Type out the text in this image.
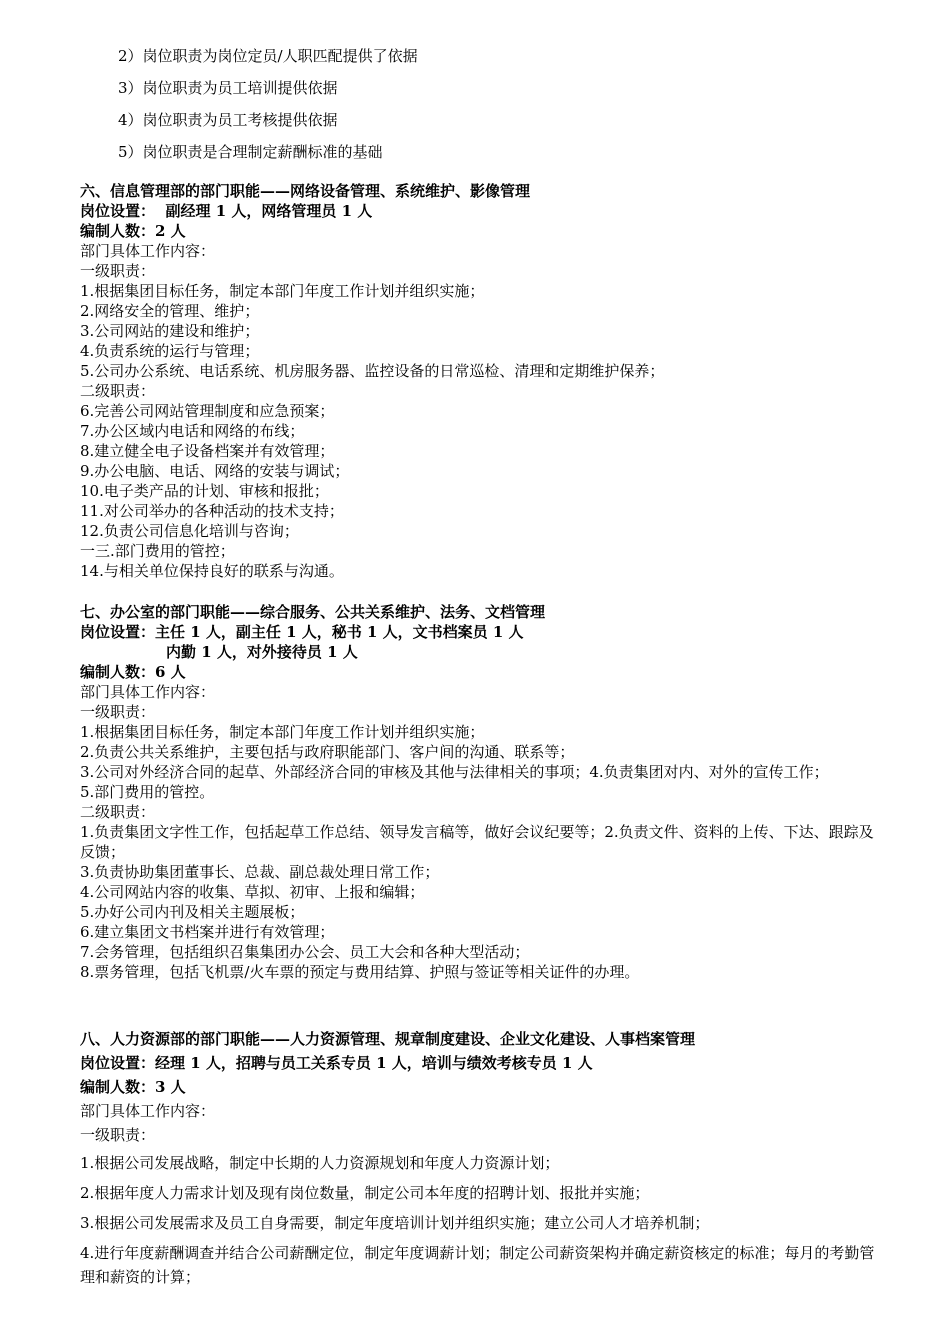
2）岗位职责为岗位定员/人职匹配提供了依据
3）岗位职责为员工培训提供依据
4）岗位职责为员工考核提供依据
5）岗位职责是合理制定薪酬标准的基础
六、信息管理部的部门职能——网络设备管理、系统维护、影像管理
岗位设置： 副经理 1 人，网络管理员 1 人
编制人数：2 人
部门具体工作内容：
一级职责：
1.根据集团目标任务，制定本部门年度工作计划并组织实施；
2.网络安全的管理、维护；
3.公司网站的建设和维护；
4.负责系统的运行与管理；
5.公司办公系统、电话系统、机房服务器、监控设备的日常巡检、清理和定期维护保养；
二级职责：
6.完善公司网站管理制度和应急预案；
7.办公区域内电话和网络的布线；
8.建立健全电子设备档案并有效管理；
9.办公电脑、电话、网络的安装与调试；
10.电子类产品的计划、审核和报批；
11.对公司举办的各种活动的技术支持；
12.负责公司信息化培训与咨询；
一三.部门费用的管控；
14.与相关单位保持良好的联系与沟通。
七、办公室的部门职能——综合服务、公共关系维护、法务、文档管理
岗位设置：主任 1 人，副主任 1 人，秘书 1 人，文书档案员 1 人
内勤 1 人，对外接待员 1 人
编制人数：6 人
部门具体工作内容：
一级职责：
1.根据集团目标任务，制定本部门年度工作计划并组织实施；
2.负责公共关系维护，主要包括与政府职能部门、客户间的沟通、联系等；
3.公司对外经济合同的起草、外部经济合同的审核及其他与法律相关的事项；4.负责集团对内、对外的宣传工作；
5.部门费用的管控。
二级职责：
1.负责集团文字性工作，包括起草工作总结、领导发言稿等，做好会议纪要等；2.负责文件、资料的上传、下达、跟踪及反馈；
3.负责协助集团董事长、总裁、副总裁处理日常工作；
4.公司网站内容的收集、草拟、初审、上报和编辑；
5.办好公司内刊及相关主题展板；
6.建立集团文书档案并进行有效管理；
7.会务管理，包括组织召集集团办公会、员工大会和各种大型活动；
8.票务管理，包括飞机票/火车票的预定与费用结算、护照与签证等相关证件的办理。
八、人力资源部的部门职能——人力资源管理、规章制度建设、企业文化建设、人事档案管理
岗位设置：经理 1 人，招聘与员工关系专员 1 人，培训与绩效考核专员 1 人
编制人数：3 人
部门具体工作内容：
一级职责：
1.根据公司发展战略，制定中长期的人力资源规划和年度人力资源计划；
2.根据年度人力需求计划及现有岗位数量，制定公司本年度的招聘计划、报批并实施；
3.根据公司发展需求及员工自身需要，制定年度培训计划并组织实施；建立公司人才培养机制；
4.进行年度薪酬调查并结合公司薪酬定位，制定年度调薪计划；制定公司薪资架构并确定薪资核定的标准；每月的考勤管理和薪资的计算；
